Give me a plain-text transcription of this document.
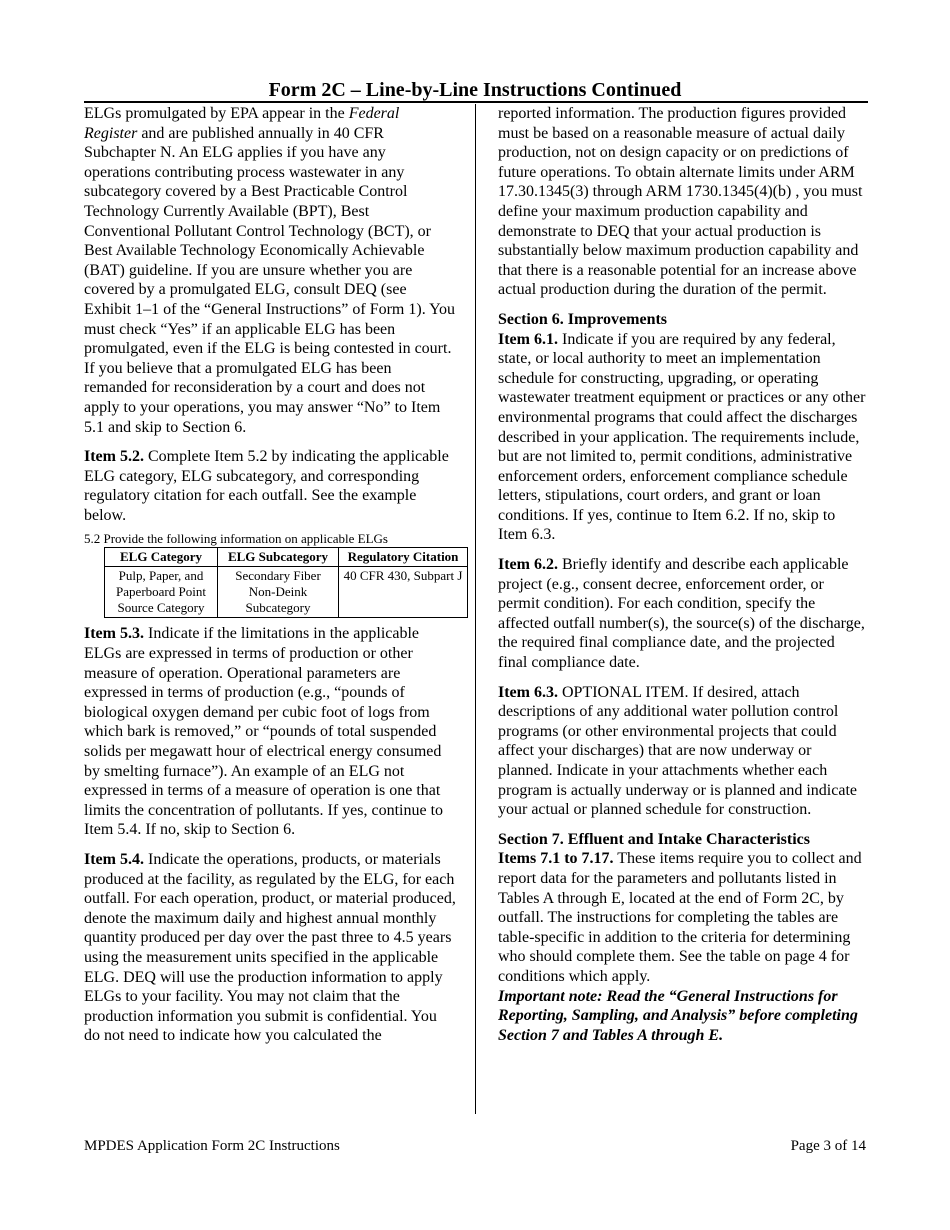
Form 2C – Line-by-Line Instructions Continued

ELGs promulgated by EPA appear in the Federal Register and are published annually in 40 CFR Subchapter N. An ELG applies if you have any operations contributing process wastewater in any subcategory covered by a Best Practicable Control Technology Currently Available (BPT), Best Conventional Pollutant Control Technology (BCT), or Best Available Technology Economically Achievable (BAT) guideline. If you are unsure whether you are covered by a promulgated ELG, consult DEQ (see Exhibit 1–1 of the “General Instructions” of Form 1). You must check “Yes” if an applicable ELG has been promulgated, even if the ELG is being contested in court. If you believe that a promulgated ELG has been remanded for reconsideration by a court and does not apply to your operations, you may answer “No” to Item 5.1 and skip to Section 6.

Item 5.2. Complete Item 5.2 by indicating the applicable ELG category, ELG subcategory, and corresponding regulatory citation for each outfall. See the example below.

5.2 Provide the following information on applicable ELGs
ELG Category	ELG Subcategory	Regulatory Citation
Pulp, Paper, and Paperboard Point Source Category	Secondary Fiber Non-Deink Subcategory	40 CFR 430, Subpart J

Item 5.3. Indicate if the limitations in the applicable ELGs are expressed in terms of production or other measure of operation. Operational parameters are expressed in terms of production (e.g., “pounds of biological oxygen demand per cubic foot of logs from which bark is removed,” or “pounds of total suspended solids per megawatt hour of electrical energy consumed by smelting furnace”). An example of an ELG not expressed in terms of a measure of operation is one that limits the concentration of pollutants. If yes, continue to Item 5.4. If no, skip to Section 6.

Item 5.4. Indicate the operations, products, or materials produced at the facility, as regulated by the ELG, for each outfall. For each operation, product, or material produced, denote the maximum daily and highest annual monthly quantity produced per day over the past three to 4.5 years using the measurement units specified in the applicable ELG. DEQ will use the production information to apply ELGs to your facility. You may not claim that the production information you submit is confidential. You do not need to indicate how you calculated the

reported information. The production figures provided must be based on a reasonable measure of actual daily production, not on design capacity or on predictions of future operations. To obtain alternate limits under ARM 17.30.1345(3) through ARM 1730.1345(4)(b) , you must define your maximum production capability and demonstrate to DEQ that your actual production is substantially below maximum production capability and that there is a reasonable potential for an increase above actual production during the duration of the permit.

Section 6. Improvements

Item 6.1. Indicate if you are required by any federal, state, or local authority to meet an implementation schedule for constructing, upgrading, or operating wastewater treatment equipment or practices or any other environmental programs that could affect the discharges described in your application. The requirements include, but are not limited to, permit conditions, administrative enforcement orders, enforcement compliance schedule letters, stipulations, court orders, and grant or loan conditions. If yes, continue to Item 6.2. If no, skip to Item 6.3.

Item 6.2. Briefly identify and describe each applicable project (e.g., consent decree, enforcement order, or permit condition). For each condition, specify the affected outfall number(s), the source(s) of the discharge, the required final compliance date, and the projected final compliance date.

Item 6.3. OPTIONAL ITEM. If desired, attach descriptions of any additional water pollution control programs (or other environmental projects that could affect your discharges) that are now underway or planned. Indicate in your attachments whether each program is actually underway or is planned and indicate your actual or planned schedule for construction.

Section 7. Effluent and Intake Characteristics

Items 7.1 to 7.17. These items require you to collect and report data for the parameters and pollutants listed in Tables A through E, located at the end of Form 2C, by outfall. The instructions for completing the tables are table-specific in addition to the criteria for determining who should complete them. See the table on page 4 for conditions which apply.
Important note: Read the “General Instructions for Reporting, Sampling, and Analysis” before completing Section 7 and Tables A through E.

MPDES Application Form 2C Instructions	Page 3 of 14
